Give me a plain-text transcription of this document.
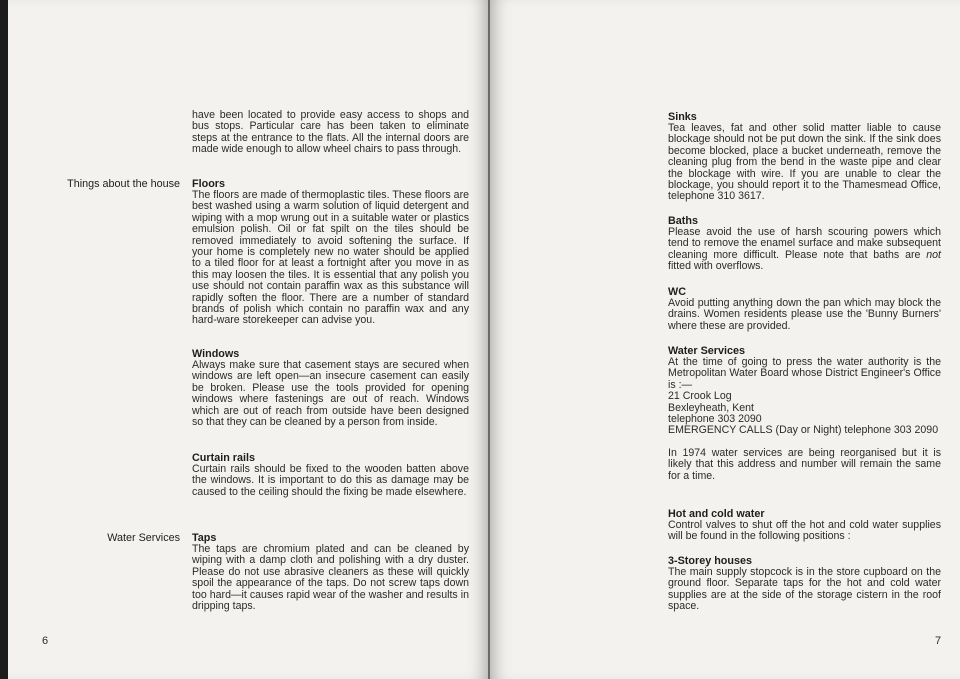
Things about the house
Water Services

have been located to provide easy access to shops and bus stops. Particular care has been taken to eliminate steps at the entrance to the flats. All the internal doors are made wide enough to allow wheel chairs to pass through.

Floors

The floors are made of thermoplastic tiles. These floors are best washed using a warm solution of liquid detergent and wiping with a mop wrung out in a suitable water or plastics emulsion polish. Oil or fat spilt on the tiles should be removed immediately to avoid softening the surface. If your home is completely new no water should be applied to a tiled floor for at least a fortnight after you move in as this may loosen the tiles. It is essential that any polish you use should not contain paraffin wax as this substance will rapidly soften the floor. There are a number of standard brands of polish which contain no paraffin wax and any hard-ware storekeeper can advise you.

Windows

Always make sure that casement stays are secured when windows are left open—an insecure casement can easily be broken. Please use the tools provided for opening windows where fastenings are out of reach. Windows which are out of reach from outside have been designed so that they can be cleaned by a person from inside.

Curtain rails

Curtain rails should be fixed to the wooden batten above the windows. It is important to do this as damage may be caused to the ceiling should the fixing be made elsewhere.

Taps

The taps are chromium plated and can be cleaned by wiping with a damp cloth and polishing with a dry duster. Please do not use abrasive cleaners as these will quickly spoil the appearance of the taps. Do not screw taps down too hard—it causes rapid wear of the washer and results in dripping taps.

6
Sinks

Tea leaves, fat and other solid matter liable to cause blockage should not be put down the sink. If the sink does become blocked, place a bucket underneath, remove the cleaning plug from the bend in the waste pipe and clear the blockage with wire. If you are unable to clear the blockage, you should report it to the Thamesmead Office, telephone 310 3617.

Baths

Please avoid the use of harsh scouring powers which tend to remove the enamel surface and make subsequent cleaning more difficult. Please note that baths are not fitted with overflows.

WC

Avoid putting anything down the pan which may block the drains. Women residents please use the 'Bunny Burners' where these are provided.

Water Services

At the time of going to press the water authority is the Metropolitan Water Board whose District Engineer's Office is :—

21 Crook Log
Bexleyheath, Kent
telephone 303 2090

EMERGENCY CALLS (Day or Night) telephone 303 2090

In 1974 water services are being reorganised but it is likely that this address and number will remain the same for a time.

Hot and cold water

Control valves to shut off the hot and cold water supplies will be found in the following positions :

3-Storey houses

The main supply stopcock is in the store cupboard on the ground floor. Separate taps for the hot and cold water supplies are at the side of the storage cistern in the roof space.

7
